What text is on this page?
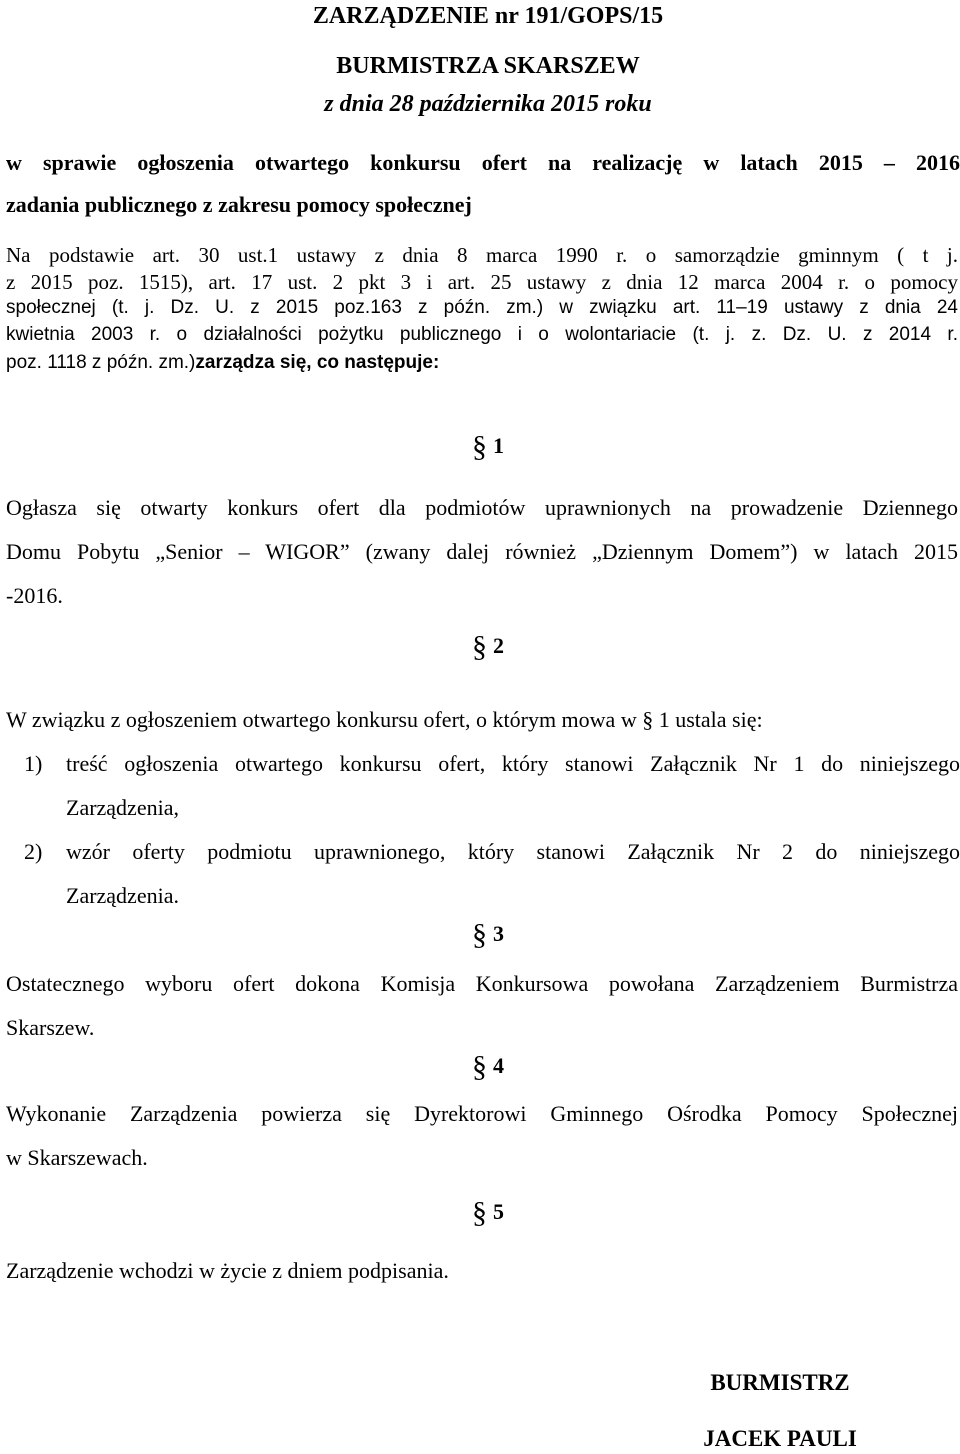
ZARZĄDZENIE nr 191/GOPS/15
BURMISTRZA SKARSZEW
z dnia 28 października 2015 roku
w sprawie ogłoszenia otwartego konkursu ofert na realizację w latach 2015 – 2016
zadania publicznego z zakresu pomocy społecznej
Na podstawie art. 30 ust.1 ustawy z dnia 8 marca 1990 r. o samorządzie gminnym ( t j.
z 2015 poz. 1515), art. 17 ust. 2 pkt 3 i art. 25 ustawy z dnia 12 marca 2004 r. o pomocy
społecznej (t. j. Dz. U. z 2015 poz.163 z późn. zm.) w związku art. 11–19 ustawy z dnia 24
kwietnia 2003 r. o działalności pożytku publicznego i o wolontariacie (t. j. z. Dz. U. z 2014 r.
poz. 1118 z późn. zm.)zarządza się, co następuje:
§ 1
Ogłasza się otwarty konkurs ofert dla podmiotów uprawnionych na prowadzenie Dziennego
Domu Pobytu „Senior – WIGOR” (zwany dalej również „Dziennym Domem”) w latach 2015
-2016.
§ 2
W związku z ogłoszeniem otwartego konkursu ofert, o którym mowa w § 1 ustala się:
1) treść ogłoszenia otwartego konkursu ofert, który stanowi Załącznik Nr 1 do niniejszego
Zarządzenia,
2) wzór oferty podmiotu uprawnionego, który stanowi Załącznik Nr 2 do niniejszego
Zarządzenia.
§ 3
Ostatecznego wyboru ofert dokona Komisja Konkursowa powołana Zarządzeniem Burmistrza
Skarszew.
§ 4
Wykonanie Zarządzenia powierza się Dyrektorowi Gminnego Ośrodka Pomocy Społecznej
w Skarszewach.
§ 5
Zarządzenie wchodzi w życie z dniem podpisania.
BURMISTRZ
JACEK PAULI
